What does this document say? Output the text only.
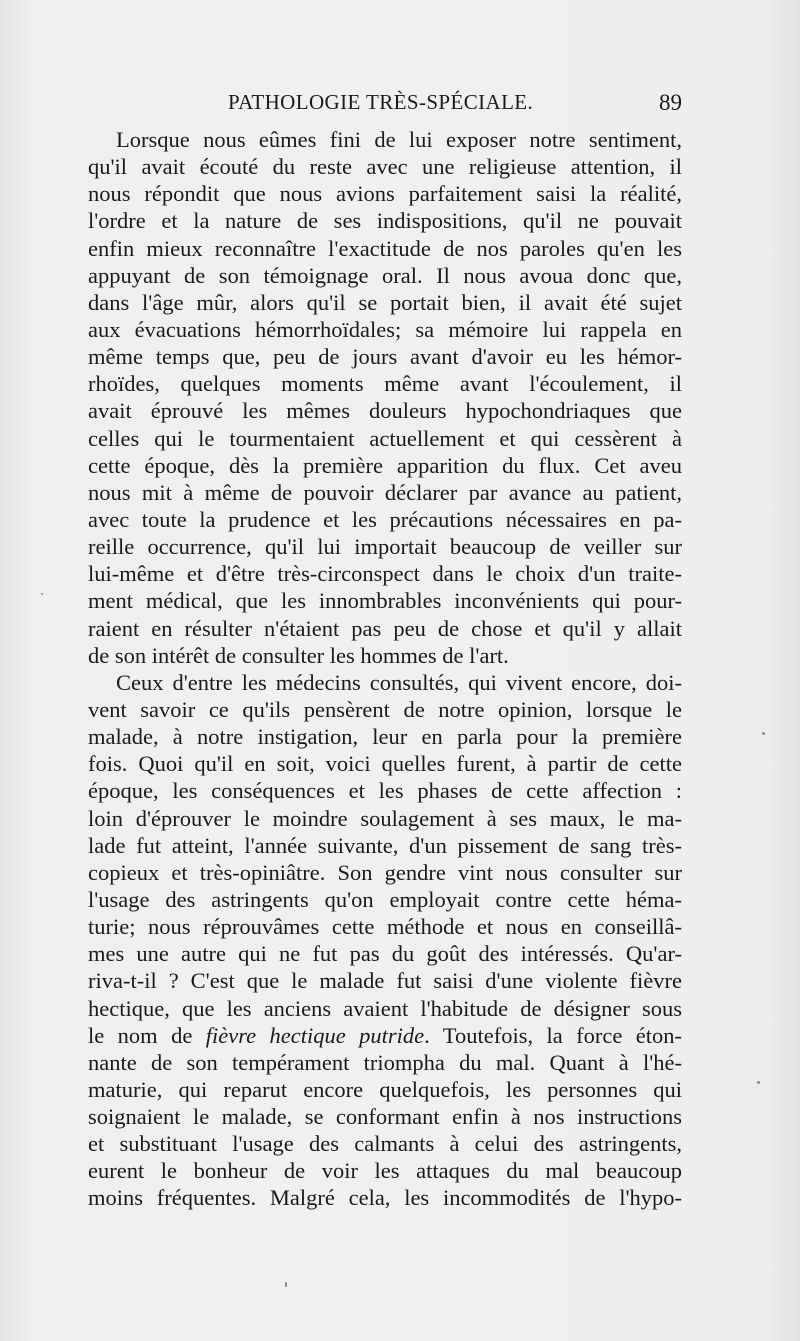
PATHOLOGIE TRÈS-SPÉCIALE.	89
Lorsque nous eûmes fini de lui exposer notre sentiment,
qu'il avait écouté du reste avec une religieuse attention, il
nous répondit que nous avions parfaitement saisi la réalité,
l'ordre et la nature de ses indispositions, qu'il ne pouvait
enfin mieux reconnaître l'exactitude de nos paroles qu'en les
appuyant de son témoignage oral. Il nous avoua donc que,
dans l'âge mûr, alors qu'il se portait bien, il avait été sujet
aux évacuations hémorrhoïdales; sa mémoire lui rappela en
même temps que, peu de jours avant d'avoir eu les hémor-
rhoïdes, quelques moments même avant l'écoulement, il
avait éprouvé les mêmes douleurs hypochondriaques que
celles qui le tourmentaient actuellement et qui cessèrent à
cette époque, dès la première apparition du flux. Cet aveu
nous mit à même de pouvoir déclarer par avance au patient,
avec toute la prudence et les précautions nécessaires en pa-
reille occurrence, qu'il lui importait beaucoup de veiller sur
lui-même et d'être très-circonspect dans le choix d'un traite-
ment médical, que les innombrables inconvénients qui pour-
raient en résulter n'étaient pas peu de chose et qu'il y allait
de son intérêt de consulter les hommes de l'art.
Ceux d'entre les médecins consultés, qui vivent encore, doi-
vent savoir ce qu'ils pensèrent de notre opinion, lorsque le
malade, à notre instigation, leur en parla pour la première
fois. Quoi qu'il en soit, voici quelles furent, à partir de cette
époque, les conséquences et les phases de cette affection :
loin d'éprouver le moindre soulagement à ses maux, le ma-
lade fut atteint, l'année suivante, d'un pissement de sang très-
copieux et très-opiniâtre. Son gendre vint nous consulter sur
l'usage des astringents qu'on employait contre cette héma-
turie; nous réprouvâmes cette méthode et nous en conseillâ-
mes une autre qui ne fut pas du goût des intéressés. Qu'ar-
riva-t-il ? C'est que le malade fut saisi d'une violente fièvre
hectique, que les anciens avaient l'habitude de désigner sous
le nom de fièvre hectique putride. Toutefois, la force éton-
nante de son tempérament triompha du mal. Quant à l'hé-
maturie, qui reparut encore quelquefois, les personnes qui
soignaient le malade, se conformant enfin à nos instructions
et substituant l'usage des calmants à celui des astringents,
eurent le bonheur de voir les attaques du mal beaucoup
moins fréquentes. Malgré cela, les incommodités de l'hypo-
